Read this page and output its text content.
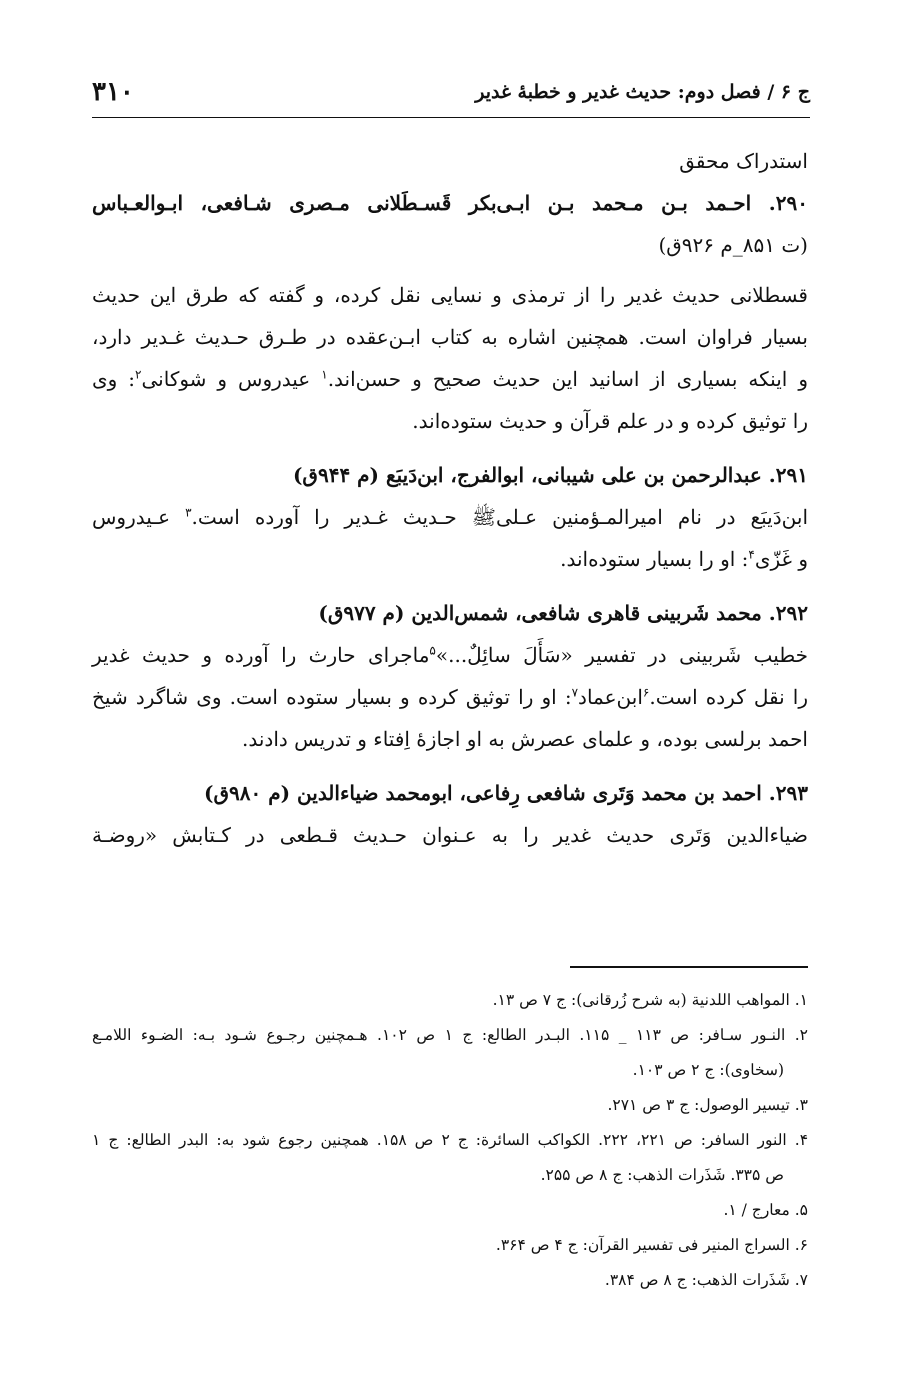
ج ۶ / فصل دوم: حدیث غدیر و خطبهٔ غدیر
۳۱۰

استدراک محقق

۲۹۰. احـمد بـن مـحمد بـن ابـی‌بکر قَسـطَلانی مـصری شـافعی، ابـوالعـباس
(ت ۸۵۱_م ۹۲۶ق)
قسطلانی حدیث غدیر را از ترمذی و نسایی نقل کرده، و گفته که طرق این حدیث
بسیار فراوان است. همچنین اشاره به کتاب ابـن‌عقده در طـرق حـدیث غـدیر دارد،
و اینکه بسیاری از اسانید این حدیث صحیح و حسن‌اند.$^۱$ عیدروس و شوکانی$^۲$: وی
را توثیق کرده و در علم قرآن و حدیث ستوده‌اند.
۲۹۱. عبدالرحمن بن علی شیبانی، ابوالفرج، ابن‌دَیبَع (م ۹۴۴ق)
ابن‌دَیبَع در نام امیرالمـؤمنین عـلی‌ﷺ حـدیث غـدیر را آورده است.$^۳$ عـیدروس
و غَزّی$^۴$: او را بسیار ستوده‌اند.
۲۹۲. محمد شَربینی قاهری شافعی، شمس‌الدین (م ۹۷۷ق)
خطیب شَربینی در تفسیر «سَأَلَ سائِلٌ...»$^۵$ماجرای حارث را آورده و حدیث غدیر
را نقل کرده است.$^۶$ابن‌عماد$^۷$: او را توثیق کرده و بسیار ستوده است. وی شاگرد شیخ
احمد برلسی بوده، و علمای عصرش به او اجازهٔ اِفتاء و تدریس دادند.
۲۹۳. احمد بن محمد وَتَری شافعی رِفاعی، ابومحمد ضیاءالدین (م ۹۸۰ق)
ضیاءالدین وَتَری حدیث غدیر را به عـنوان حـدیث قـطعی در کـتابش «روضـة
۱. المواهب اللدنیة (به شرح زُرقانی): ج ۷ ص ۱۳.
۲. النـور سـافر: ص ۱۱۳ _ ۱۱۵. البـدر الطالع: ج ۱ ص ۱۰۲. هـمچنین رجـوع شـود بـه: الضـوء اللامـع
(سخاوی): ج ۲ ص ۱۰۳.
۳. تیسیر الوصول: ج ۳ ص ۲۷۱.
۴. النور السافر: ص ۲۲۱، ۲۲۲. الکواکب السائرة: ج ۲ ص ۱۵۸. همچنین رجوع شود به: البدر الطالع: ج ۱
ص ۳۳۵. شَذَرات الذهب: ج ۸ ص ۲۵۵.
۵. معارج / ۱.
۶. السراج المنیر فی تفسیر القرآن: ج ۴ ص ۳۶۴.
۷. شَذَرات الذهب: ج ۸ ص ۳۸۴.
